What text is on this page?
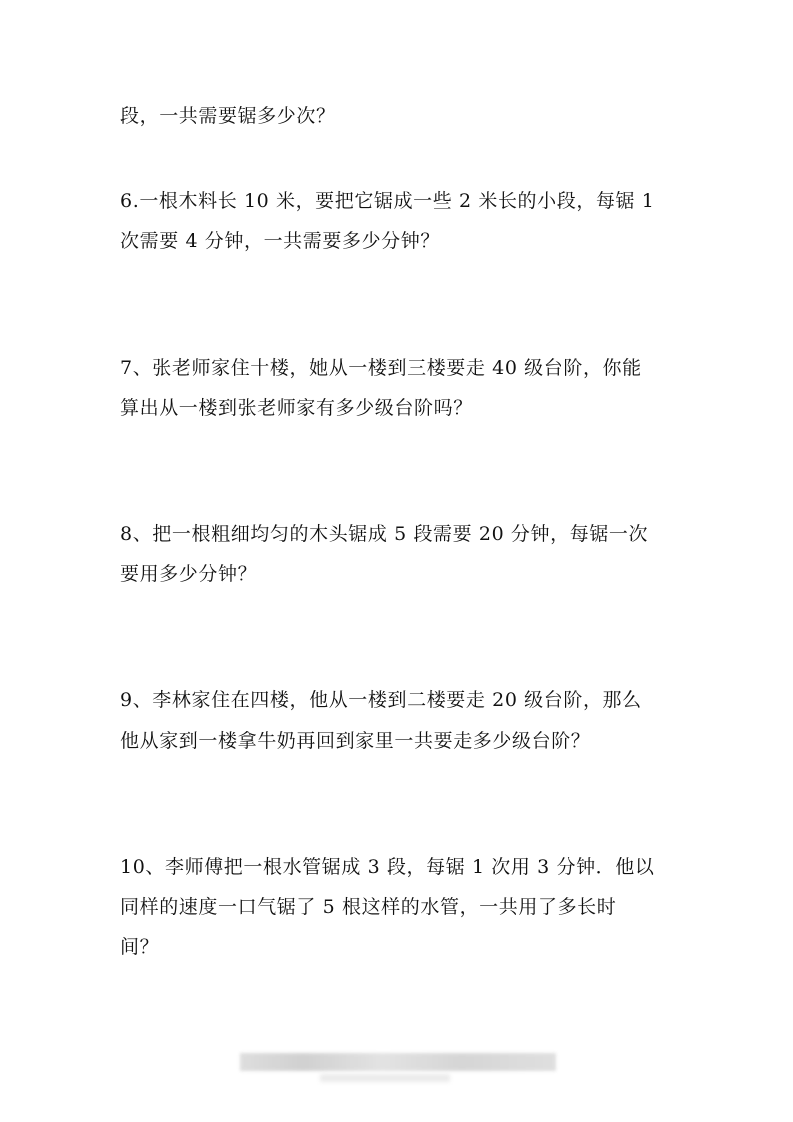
段，一共需要锯多少次？
6.一根木料长 10 米，要把它锯成一些 2 米长的小段，每锯 1
次需要 4 分钟，一共需要多少分钟？
7、张老师家住十楼，她从一楼到三楼要走 40 级台阶，你能
算出从一楼到张老师家有多少级台阶吗？
8、把一根粗细均匀的木头锯成 5 段需要 20 分钟，每锯一次
要用多少分钟？
9、李林家住在四楼，他从一楼到二楼要走 20 级台阶，那么
他从家到一楼拿牛奶再回到家里一共要走多少级台阶？
10、李师傅把一根水管锯成 3 段，每锯 1 次用 3 分钟．他以
同样的速度一口气锯了 5 根这样的水管，一共用了多长时
间？
